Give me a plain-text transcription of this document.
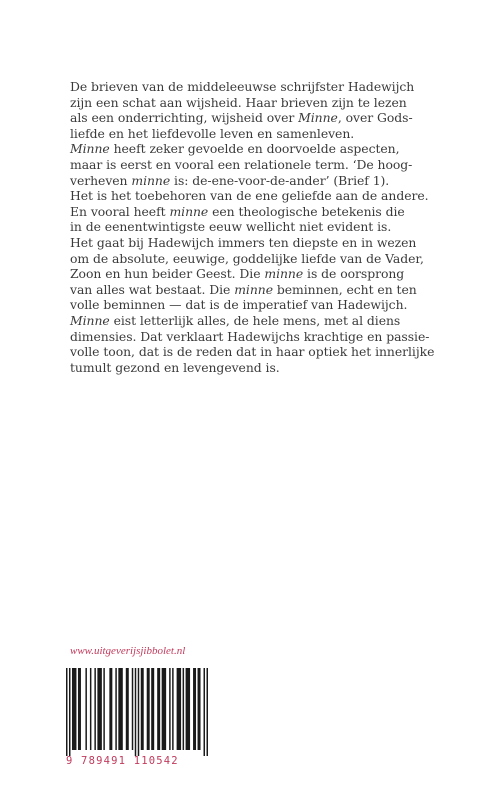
De brieven van de middeleeuwse schrijfster Hadewijch
zijn een schat aan wijsheid. Haar brieven zijn te lezen
als een onderrichting, wijsheid over Minne, over Gods-
liefde en het liefdevolle leven en samenleven.
Minne heeft zeker gevoelde en doorvoelde aspecten,
maar is eerst en vooral een relationele term. ‘De hoog-
verheven minne is: de-ene-voor-de-ander’ (Brief 1).
Het is het toebehoren van de ene geliefde aan de andere.
En vooral heeft minne een theologische betekenis die
in de eenentwintigste eeuw wellicht niet evident is.
Het gaat bij Hadewijch immers ten diepste en in wezen
om de absolute, eeuwige, goddelijke liefde van de Vader,
Zoon en hun beider Geest. Die minne is de oorsprong
van alles wat bestaat. Die minne beminnen, echt en ten
volle beminnen — dat is de imperatief van Hadewijch.
Minne eist letterlijk alles, de hele mens, met al diens
dimensies. Dat verklaart Hadewijchs krachtige en passie-
volle toon, dat is de reden dat in haar optiek het innerlijke
tumult gezond en levengevend is.
www.uitgeverijsjibbolet.nl
9 789491 110542
